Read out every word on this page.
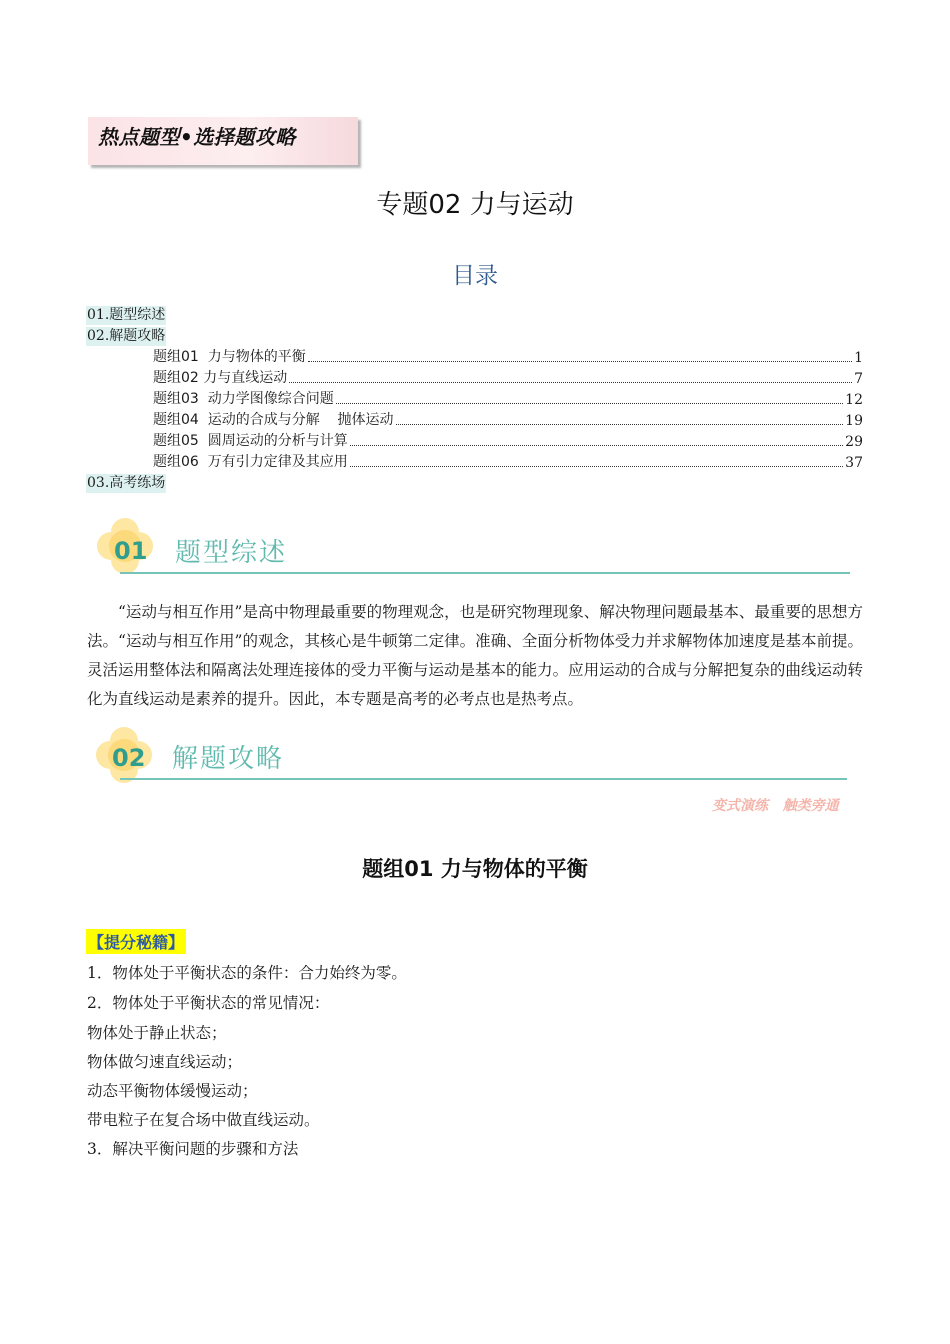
热点题型•选择题攻略
专题02 力与运动
目录
01.题型综述
02.解题攻略
题组01  力与物体的平衡	1
题组02 力与直线运动	7
题组03  动力学图像综合问题	12
题组04  运动的合成与分解    抛体运动	19
题组05  圆周运动的分析与计算	29
题组06  万有引力定律及其应用	37
03.高考练场
01 题型综述
“运动与相互作用”是高中物理最重要的物理观念，也是研究物理现象、解决物理问题最基本、最重要的思想方法。“运动与相互作用”的观念，其核心是牛顿第二定律。准确、全面分析物体受力并求解物体加速度是基本前提。灵活运用整体法和隔离法处理连接体的受力平衡与运动是基本的能力。应用运动的合成与分解把复杂的曲线运动转化为直线运动是素养的提升。因此，本专题是高考的必考点也是热考点。
02 解题攻略
变式演练   触类旁通
题组01 力与物体的平衡
【提分秘籍】
1．物体处于平衡状态的条件：合力始终为零。
2．物体处于平衡状态的常见情况：
物体处于静止状态；
物体做匀速直线运动；
动态平衡物体缓慢运动；
带电粒子在复合场中做直线运动。
3．解决平衡问题的步骤和方法
